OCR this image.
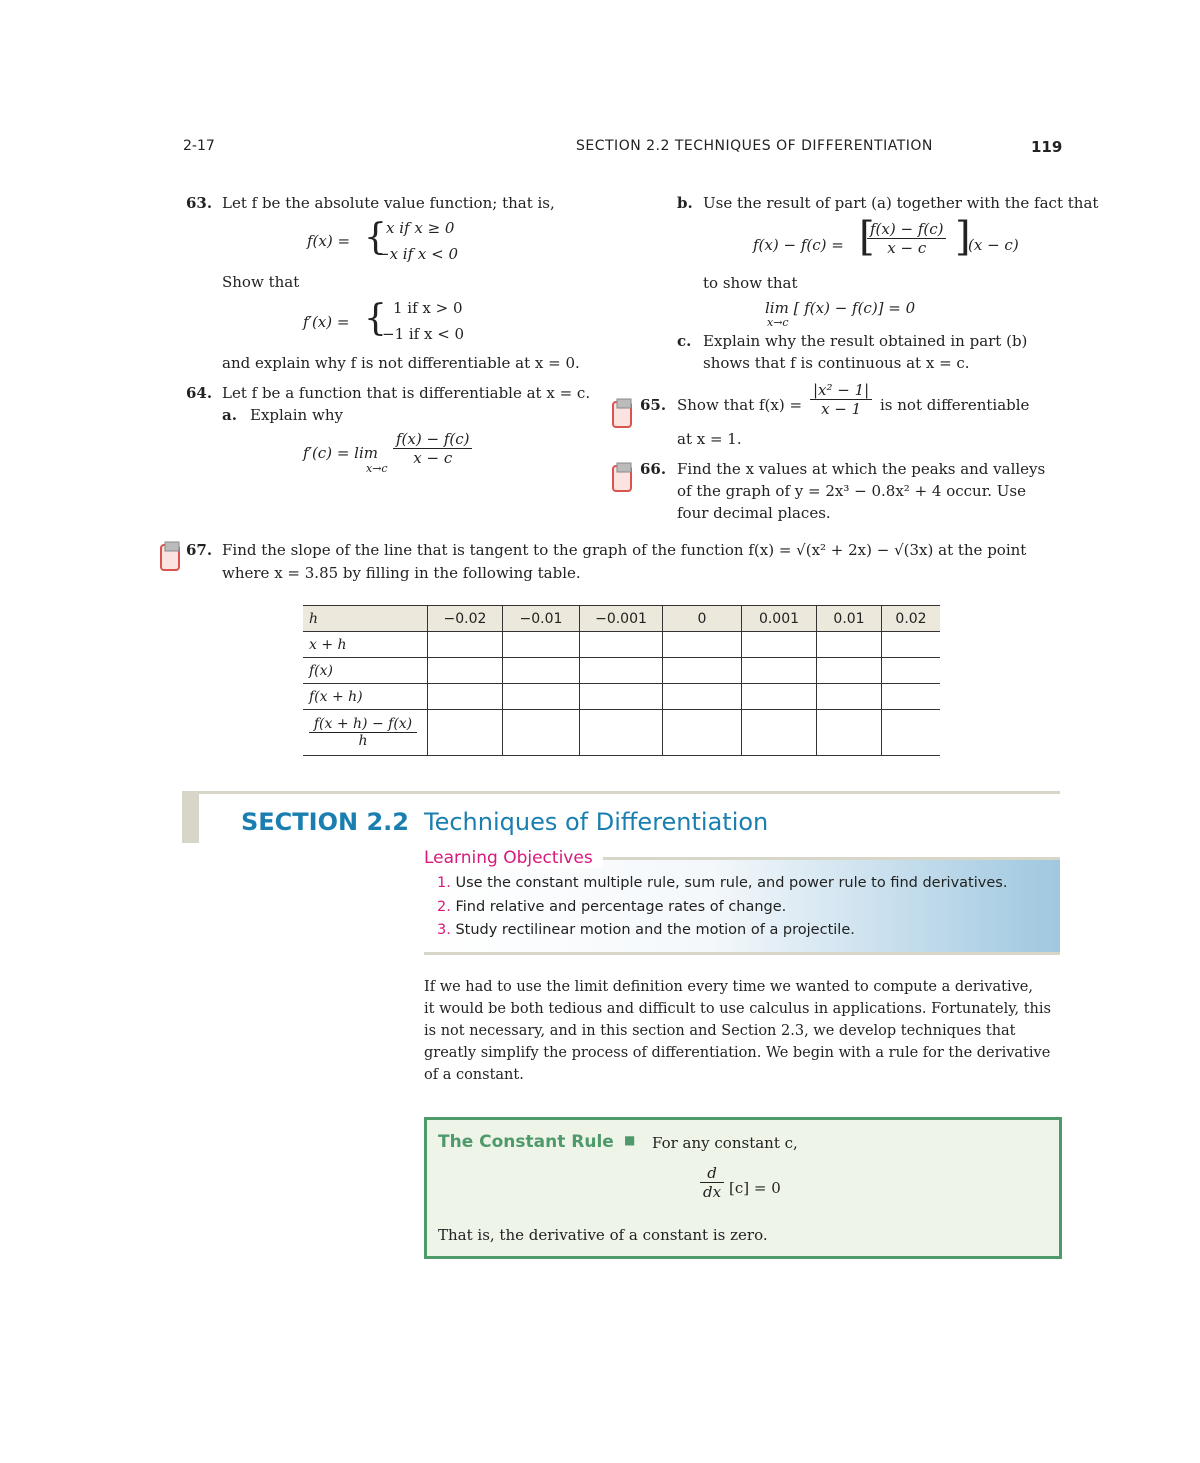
2-17	SECTION 2.2 TECHNIQUES OF DIFFERENTIATION	119
63. Let f be the absolute value function; that is,
f(x) = { x if x ≥ 0
−x if x < 0
Show that
f′(x) = { 1 if x > 0
−1 if x < 0
and explain why f is not differentiable at x = 0.
64. Let f be a function that is differentiable at x = c.
a. Explain why
f′(c) = lim
x→c
$\frac{f(x) - f(c)}{x - c}$
b. Use the result of part (a) together with the fact that
f(x) − f(c) = [
$\frac{f(x) - f(c)}{x - c}$ ]
(x − c)
to show that
lim [ f(x) − f(c)] = 0
x→c
c. Explain why the result obtained in part (b)
shows that f is continuous at x = c.
65. Show that $f(x) = \frac{\text{|x² − 1|}}{x - 1}$ is not differentiable
at x = 1.
66. Find the x values at which the peaks and valleys
of the graph of y = 2x³ − 0.8x² + 4 occur. Use
four decimal places.
67. Find the slope of the line that is tangent to the graph of the function f(x) = √(x² + 2x) − √(3x) at the point
where x = 3.85 by filling in the following table.
h	−0.02	−0.01	−0.001	0	0.001	0.01	0.02
x + h							
f(x)							
f(x + h)							

$\frac{f(x + h) - f(x)}{h}$

SECTION 2.2 Techniques of Differentiation
Learning Objectives
1. Use the constant multiple rule, sum rule, and power rule to find derivatives.
2. Find relative and percentage rates of change.
3. Study rectilinear motion and the motion of a projectile.
If we had to use the limit definition every time we wanted to compute a derivative,
it would be both tedious and difficult to use calculus in applications. Fortunately, this
is not necessary, and in this section and Section 2.3, we develop techniques that
greatly simplify the process of differentiation. We begin with a rule for the derivative
of a constant.
The Constant Rule ■ For any constant c,
$\frac{d}{dx} [c] = 0$
That is, the derivative of a constant is zero.
